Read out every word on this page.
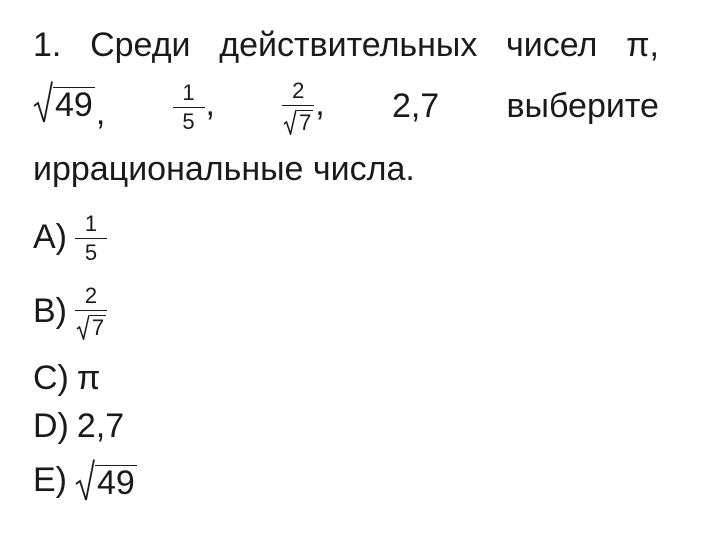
1. Среди действительных чисел π,
49 ,	$\frac{1}{5}$ ,	$\frac{2}{7}$ , 2,7 выберите
иррациональные числа.
$A) \frac{1}{5}$
$B) \frac{2}{7}$
C) π
D) 2,7
E) 49
